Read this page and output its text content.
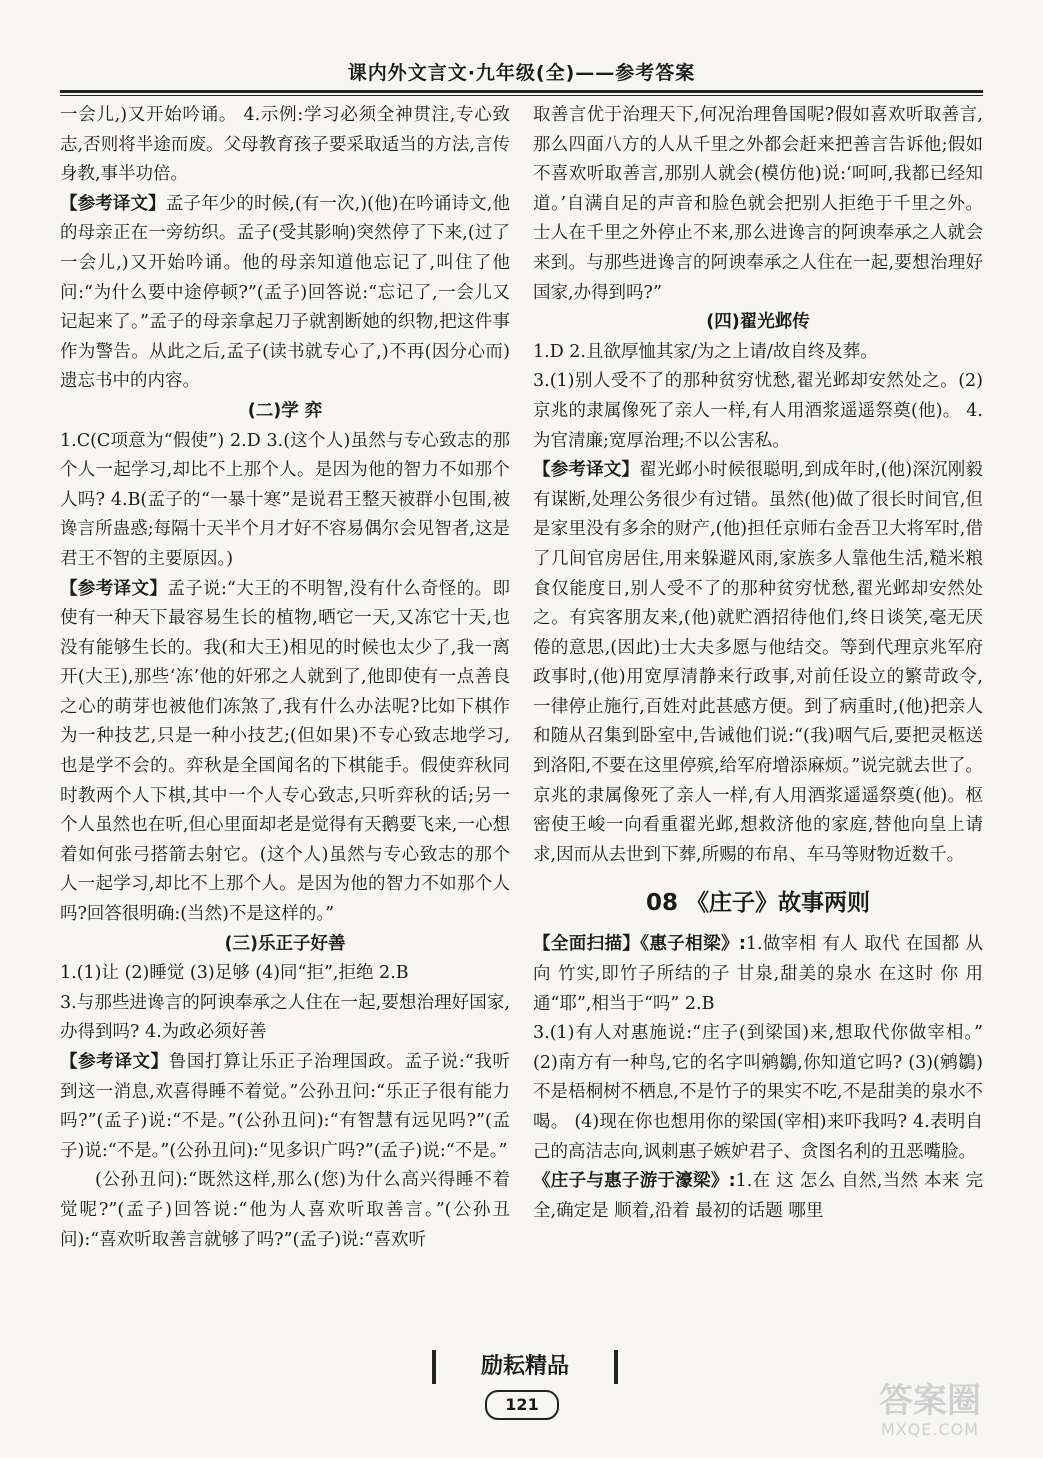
课内外文言文·九年级(全)——参考答案

一会儿,)又开始吟诵。 4.示例:学习必须全神贯注,专心致志,否则将半途而废。父母教育孩子要采取适当的方法,言传身教,事半功倍。

【参考译文】孟子年少的时候,(有一次,)(他)在吟诵诗文,他的母亲正在一旁纺织。孟子(受其影响)突然停了下来,(过了一会儿,)又开始吟诵。他的母亲知道他忘记了,叫住了他问:“为什么要中途停顿?”(孟子)回答说:“忘记了,一会儿又记起来了。”孟子的母亲拿起刀子就割断她的织物,把这件事作为警告。从此之后,孟子(读书就专心了,)不再(因分心而)遗忘书中的内容。

(二)学 弈

1.C(C项意为“假使”) 2.D 3.(这个人)虽然与专心致志的那个人一起学习,却比不上那个人。是因为他的智力不如那个人吗? 4.B(孟子的“一暴十寒”是说君王整天被群小包围,被谗言所蛊惑;每隔十天半个月才好不容易偶尔会见智者,这是君王不智的主要原因。)

【参考译文】孟子说:“大王的不明智,没有什么奇怪的。即使有一种天下最容易生长的植物,晒它一天,又冻它十天,也没有能够生长的。我(和大王)相见的时候也太少了,我一离开(大王),那些‘冻’他的奸邪之人就到了,他即使有一点善良之心的萌芽也被他们冻煞了,我有什么办法呢?比如下棋作为一种技艺,只是一种小技艺;(但如果)不专心致志地学习,也是学不会的。弈秋是全国闻名的下棋能手。假使弈秋同时教两个人下棋,其中一个人专心致志,只听弈秋的话;另一个人虽然也在听,但心里面却老是觉得有天鹅要飞来,一心想着如何张弓搭箭去射它。(这个人)虽然与专心致志的那个人一起学习,却比不上那个人。是因为他的智力不如那个人吗?回答很明确:(当然)不是这样的。”

(三)乐正子好善

1.(1)让 (2)睡觉 (3)足够 (4)同“拒”,拒绝 2.B

3.与那些进谗言的阿谀奉承之人住在一起,要想治理好国家,办得到吗? 4.为政必须好善

【参考译文】鲁国打算让乐正子治理国政。孟子说:“我听到这一消息,欢喜得睡不着觉。”公孙丑问:“乐正子很有能力吗?”(孟子)说:“不是。”(公孙丑问):“有智慧有远见吗?”(孟子)说:“不是。”(公孙丑问):“见多识广吗?”(孟子)说:“不是。”

(公孙丑问):“既然这样,那么(您)为什么高兴得睡不着觉呢?”(孟子)回答说:“他为人喜欢听取善言。”(公孙丑问):“喜欢听取善言就够了吗?”(孟子)说:“喜欢听

取善言优于治理天下,何况治理鲁国呢?假如喜欢听取善言,那么四面八方的人从千里之外都会赶来把善言告诉他;假如不喜欢听取善言,那别人就会(模仿他)说:‘呵呵,我都已经知道。’自满自足的声音和脸色就会把别人拒绝于千里之外。士人在千里之外停止不来,那么进谗言的阿谀奉承之人就会来到。与那些进谗言的阿谀奉承之人住在一起,要想治理好国家,办得到吗?”

(四)翟光邺传

1.D 2.且欲厚恤其家/为之上请/故自终及葬。

3.(1)别人受不了的那种贫穷忧愁,翟光邺却安然处之。(2)京兆的隶属像死了亲人一样,有人用酒浆遥遥祭奠(他)。 4.为官清廉;宽厚治理;不以公害私。

【参考译文】翟光邺小时候很聪明,到成年时,(他)深沉刚毅有谋断,处理公务很少有过错。虽然(他)做了很长时间官,但是家里没有多余的财产,(他)担任京师右金吾卫大将军时,借了几间官房居住,用来躲避风雨,家族多人靠他生活,糙米粮食仅能度日,别人受不了的那种贫穷忧愁,翟光邺却安然处之。有宾客朋友来,(他)就贮酒招待他们,终日谈笑,毫无厌倦的意思,(因此)士大夫多愿与他结交。等到代理京兆军府政事时,(他)用宽厚清静来行政事,对前任设立的繁苛政令,一律停止施行,百姓对此甚感方便。到了病重时,(他)把亲人和随从召集到卧室中,告诫他们说:“(我)咽气后,要把灵柩送到洛阳,不要在这里停殡,给军府增添麻烦。”说完就去世了。京兆的隶属像死了亲人一样,有人用酒浆遥遥祭奠(他)。枢密使王峻一向看重翟光邺,想救济他的家庭,替他向皇上请求,因而从去世到下葬,所赐的布帛、车马等财物近数千。

08 《庄子》故事两则

【全面扫描】《惠子相梁》:1.做宰相 有人 取代 在国都 从 向 竹实,即竹子所结的子 甘泉,甜美的泉水 在这时 你 用 通“耶”,相当于“吗” 2.B

3.(1)有人对惠施说:“庄子(到梁国)来,想取代你做宰相。” (2)南方有一种鸟,它的名字叫鹓鶵,你知道它吗? (3)(鹓鶵)不是梧桐树不栖息,不是竹子的果实不吃,不是甜美的泉水不喝。 (4)现在你也想用你的梁国(宰相)来吓我吗? 4.表明自己的高洁志向,讽刺惠子嫉妒君子、贪图名利的丑恶嘴脸。

《庄子与惠子游于濠梁》:1.在 这 怎么 自然,当然 本来 完全,确定是 顺着,沿着 最初的话题 哪里

励耘精品
121	答案圈
MXQE.COM
